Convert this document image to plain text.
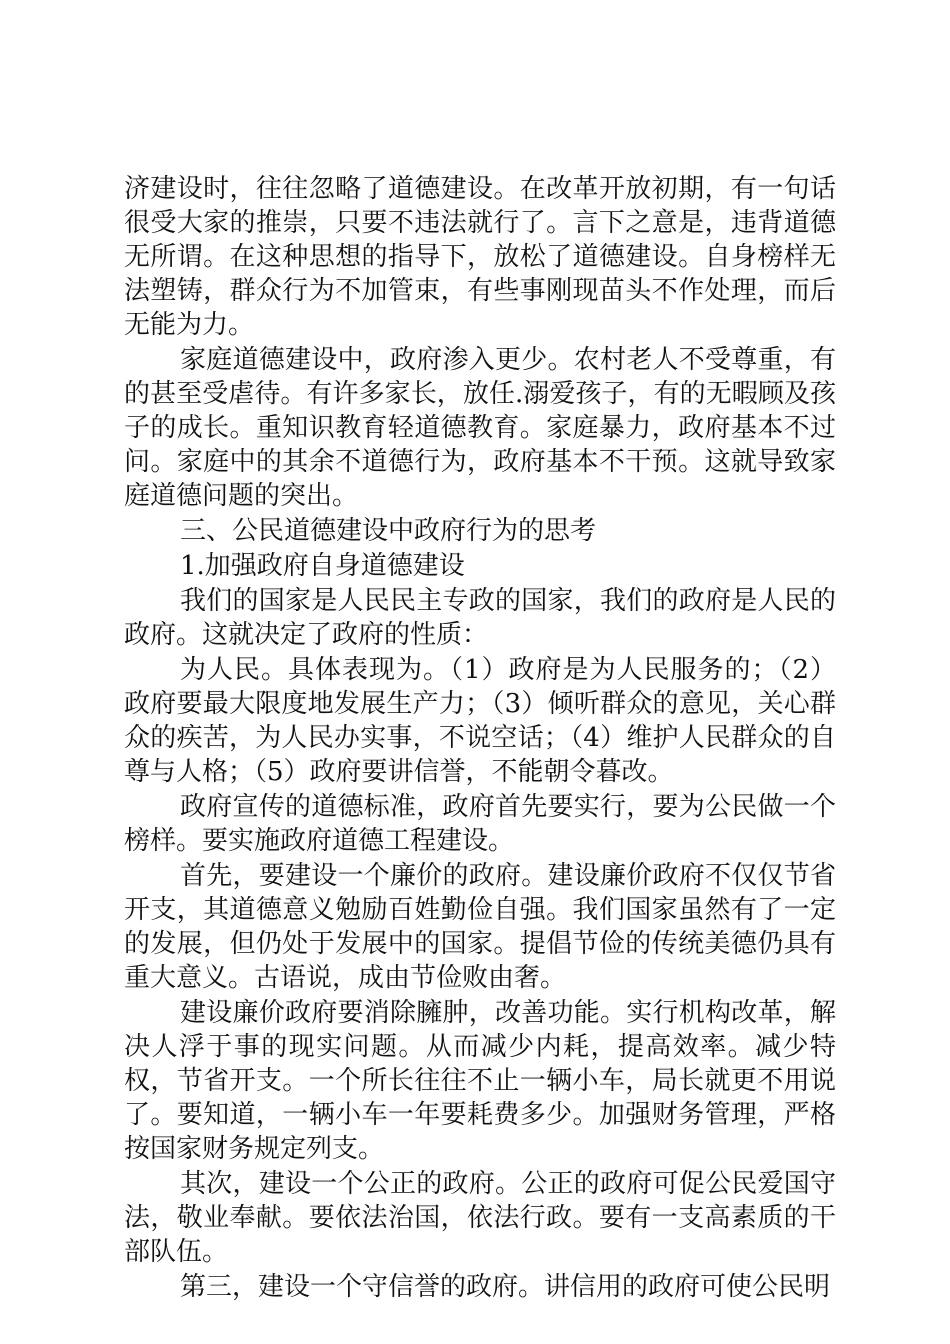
济建设时，往往忽略了道德建设。在改革开放初期，有一句话很受大家的推崇，只要不违法就行了。言下之意是，违背道德无所谓。在这种思想的指导下，放松了道德建设。自身榜样无法塑铸，群众行为不加管束，有些事刚现苗头不作处理，而后无能为力。

家庭道德建设中，政府渗入更少。农村老人不受尊重，有的甚至受虐待。有许多家长，放任.溺爱孩子，有的无暇顾及孩子的成长。重知识教育轻道德教育。家庭暴力，政府基本不过问。家庭中的其余不道德行为，政府基本不干预。这就导致家庭道德问题的突出。

三、公民道德建设中政府行为的思考

1.加强政府自身道德建设

我们的国家是人民民主专政的国家，我们的政府是人民的政府。这就决定了政府的性质：

为人民。具体表现为。（1）政府是为人民服务的；（2）政府要最大限度地发展生产力；（3）倾听群众的意见，关心群众的疾苦，为人民办实事，不说空话；（4）维护人民群众的自尊与人格；（5）政府要讲信誉，不能朝令暮改。

政府宣传的道德标准，政府首先要实行，要为公民做一个榜样。要实施政府道德工程建设。

首先，要建设一个廉价的政府。建设廉价政府不仅仅节省开支，其道德意义勉励百姓勤俭自强。我们国家虽然有了一定的发展，但仍处于发展中的国家。提倡节俭的传统美德仍具有重大意义。古语说，成由节俭败由奢。

建设廉价政府要消除臃肿，改善功能。实行机构改革，解决人浮于事的现实问题。从而减少内耗，提高效率。减少特权，节省开支。一个所长往往不止一辆小车，局长就更不用说了。要知道，一辆小车一年要耗费多少。加强财务管理，严格按国家财务规定列支。

其次，建设一个公正的政府。公正的政府可促公民爱国守法，敬业奉献。要依法治国，依法行政。要有一支高素质的干部队伍。

第三，建设一个守信誉的政府。讲信用的政府可使公民明
